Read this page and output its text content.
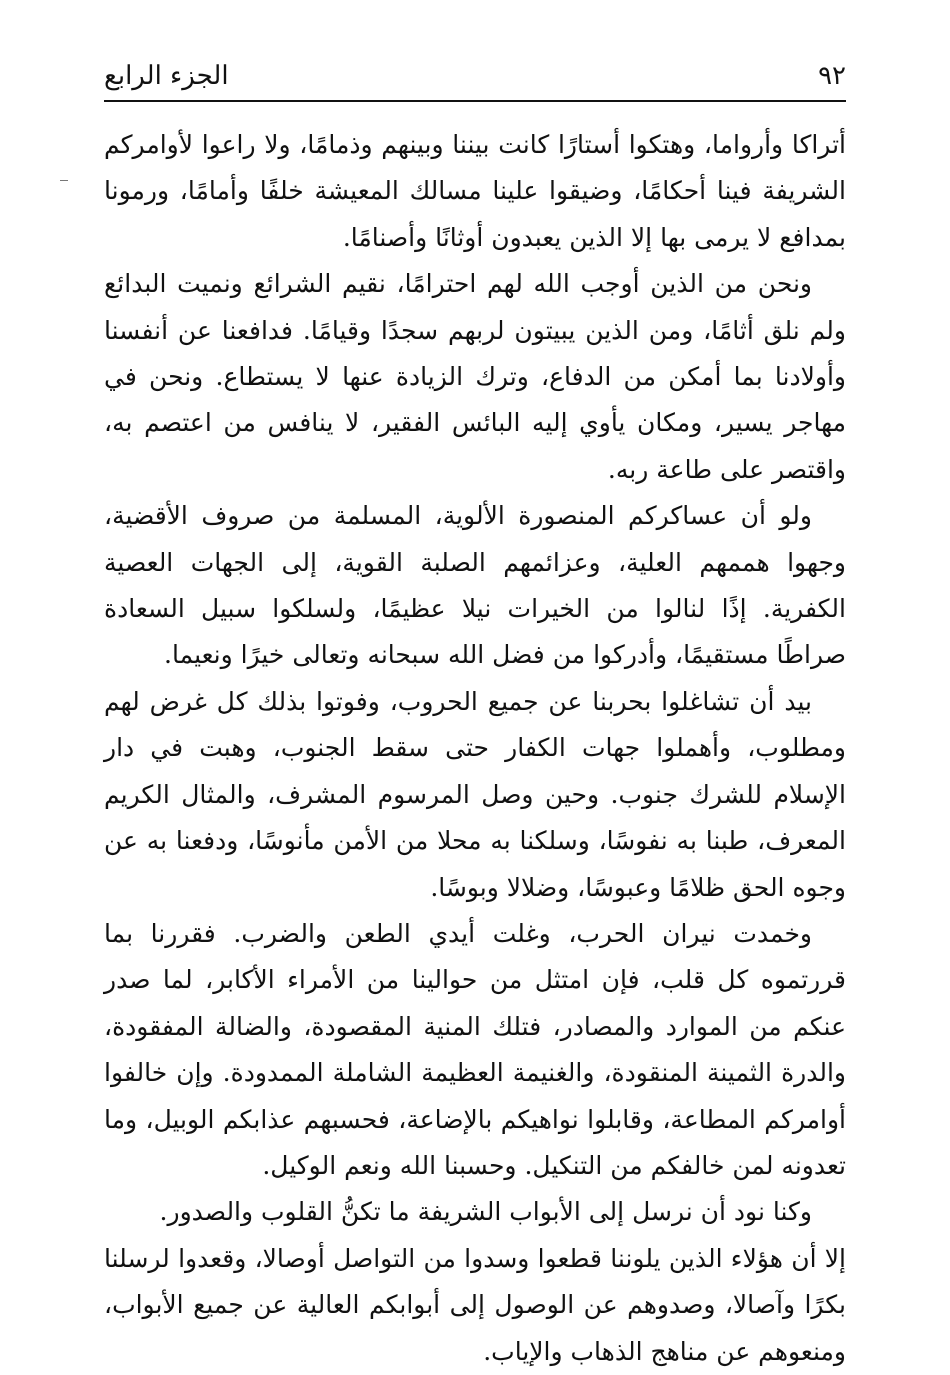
٩٢
الجزء الرابع

أتراكا وأرواما، وهتكوا أستارًا كانت بيننا وبينهم وذمامًا، ولا راعوا لأوامركم الشريفة فينا أحكامًا، وضيقوا علينا مسالك المعيشة خلفًا وأمامًا، ورمونا بمدافع لا يرمى بها إلا الذين يعبدون أوثانًا وأصنامًا.

ونحن من الذين أوجب الله لهم احترامًا، نقيم الشرائع ونميت البدائع ولم نلق أثامًا، ومن الذين يبيتون لربهم سجدًا وقيامًا. فدافعنا عن أنفسنا وأولادنا بما أمكن من الدفاع، وترك الزيادة عنها لا يستطاع. ونحن في مهاجر يسير، ومكان يأوي إليه البائس الفقير، لا ينافس من اعتصم به، واقتصر على طاعة ربه.

ولو أن عساكركم المنصورة الألوية، المسلمة من صروف الأقضية، وجهوا هممهم العلية، وعزائمهم الصلبة القوية، إلى الجهات العصية الكفرية. إذًا لنالوا من الخيرات نيلا عظيمًا، ولسلكوا سبيل السعادة صراطًا مستقيمًا، وأدركوا من فضل الله سبحانه وتعالى خيرًا ونعيما.

بيد أن تشاغلوا بحربنا عن جميع الحروب، وفوتوا بذلك كل غرض لهم ومطلوب، وأهملوا جهات الكفار حتى سقط الجنوب، وهبت في دار الإسلام للشرك جنوب. وحين وصل المرسوم المشرف، والمثال الكريم المعرف، طبنا به نفوسًا، وسلكنا به محلا من الأمن مأنوسًا، ودفعنا به عن وجوه الحق ظلامًا وعبوسًا، وضلالا وبوسًا.

وخمدت نيران الحرب، وغلت أيدي الطعن والضرب. فقررنا بما قررتموه كل قلب، فإن امتثل من حوالينا من الأمراء الأكابر، لما صدر عنكم من الموارد والمصادر، فتلك المنية المقصودة، والضالة المفقودة، والدرة الثمينة المنقودة، والغنيمة العظيمة الشاملة الممدودة. وإن خالفوا أوامركم المطاعة، وقابلوا نواهيكم بالإضاعة، فحسبهم عذابكم الوبيل، وما تعدونه لمن خالفكم من التنكيل. وحسبنا الله ونعم الوكيل.

وكنا نود أن نرسل إلى الأبواب الشريفة ما تكنُّ القلوب والصدور.

إلا أن هؤلاء الذين يلوننا قطعوا وسدوا من التواصل أوصالا، وقعدوا لرسلنا بكرًا وآصالا، وصدوهم عن الوصول إلى أبوابكم العالية عن جميع الأبواب، ومنعوهم عن مناهج الذهاب والإياب.
